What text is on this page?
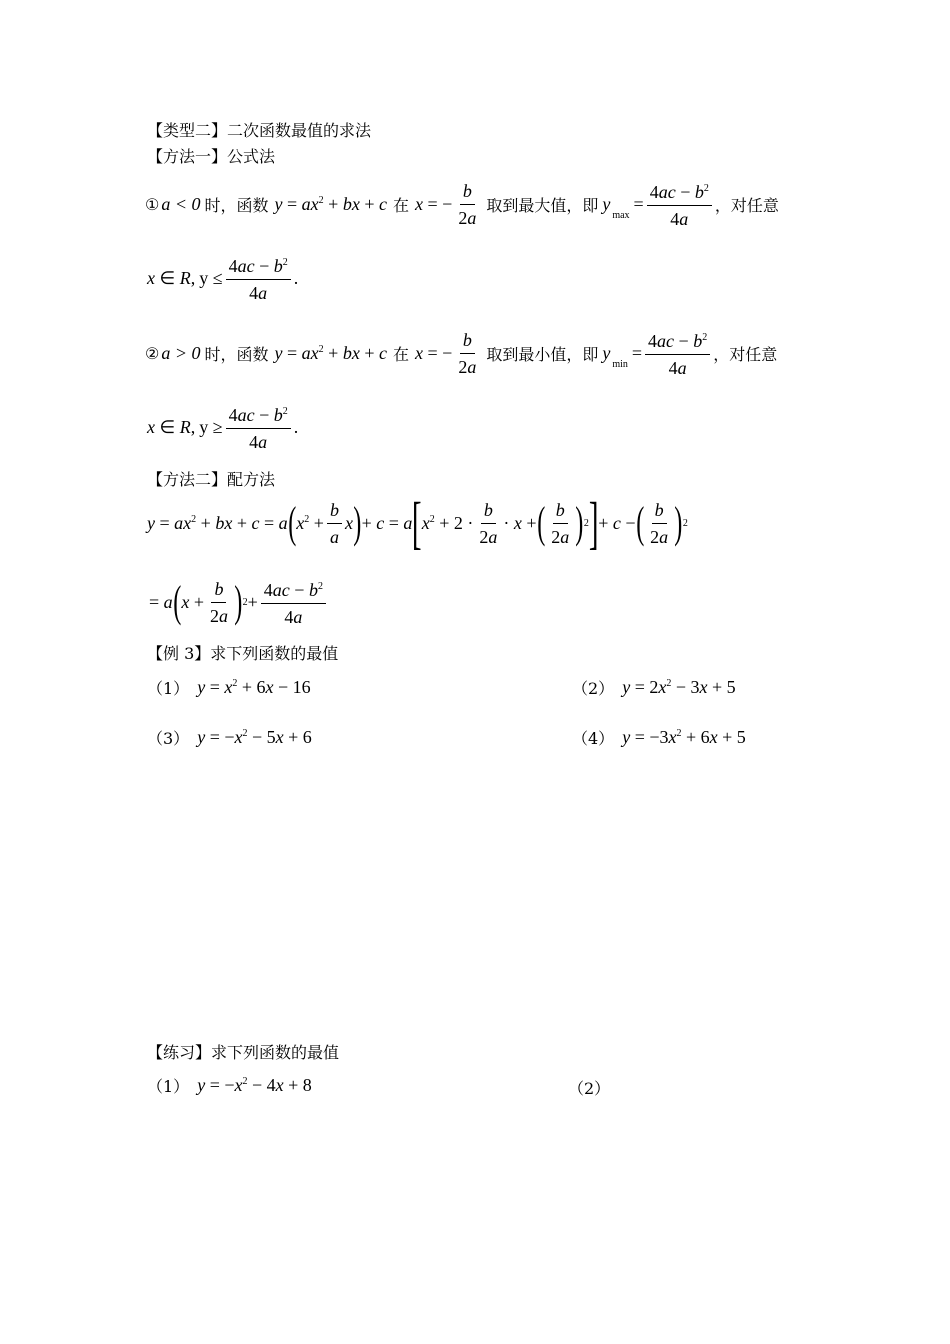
【类型二】二次函数最值的求法
【方法一】公式法
① a < 0 时，函数 $y = ax^2$ + bx + c 在 x = − $\frac{b}{2a}$ 取到最大值，即 $y_{max}$
= $\frac{4ac - b^2}{4a}$ ，对任意
x ∈ R, $y \le \frac{4ac - b^2}{4a}$ .
② a > 0 时，函数 $y = ax^2$ + bx + c 在 x = − $\frac{b}{2a}$ 取到最小值，即 $y_{min}$
= $\frac{4ac - b^2}{4a}$ ，对任意
x ∈ R, $y \ge \frac{4ac - b^2}{4a}$ .
【方法二】配方法
$y = ax^2$ + bx + c = a ( $x^2 + \frac{b}{a}$ x ) + c = a [ $x^2 + 2 \cdot \frac{b}{2a} \cdot x$ + ( $\frac{b}{2a}$ ) 2 ] + c − ( $\frac{b}{2a}$ ) 2
= a ( $x + \frac{b}{2a}$ ) $2 + \frac{4ac - b^2}{4a}$
【例 3】求下列函数的最值
（1） $y = x^2 + 6x - 16$	（2） $y = 2x^2 - 3x + 5$
（3） $y = -x^2 - 5x + 6$	（4） $y = -3x^2 + 6x + 5$
【练习】求下列函数的最值
（1） $y = -x^2 - 4x + 8$	（2）
